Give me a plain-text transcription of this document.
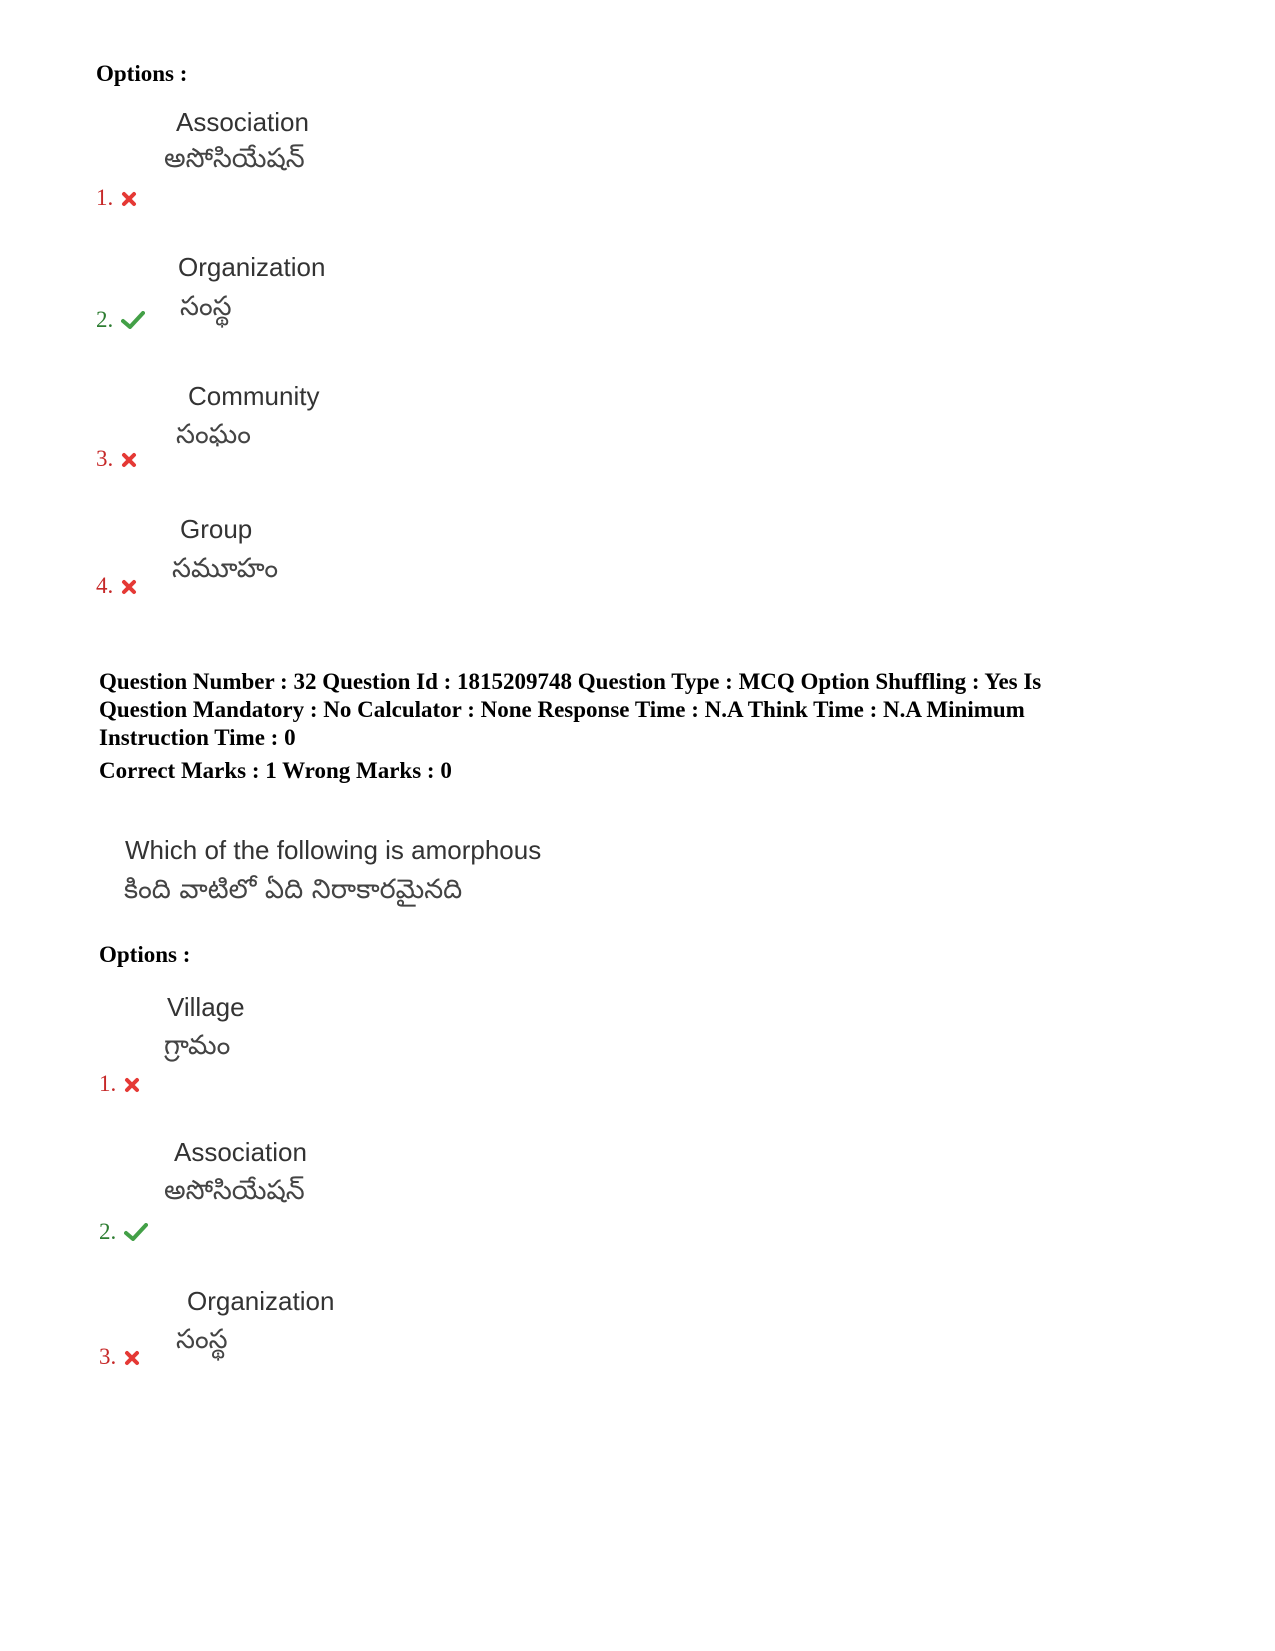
Options :
Association
అసోసియేషన్
1.
Organization
సంస్థ
2.
Community
సంఘం
3.
Group
సమూహం
4.
Question Number : 32 Question Id : 1815209748 Question Type : MCQ Option Shuffling : Yes Is
Question Mandatory : No Calculator : None Response Time : N.A Think Time : N.A Minimum
Instruction Time : 0
Correct Marks : 1 Wrong Marks : 0
Which of the following is amorphous
కింది వాటిలో ఏది నిరాకారమైనది
Options :
Village
గ్రామం
1.
Association
అసోసియేషన్
2.
Organization
సంస్థ
3.
